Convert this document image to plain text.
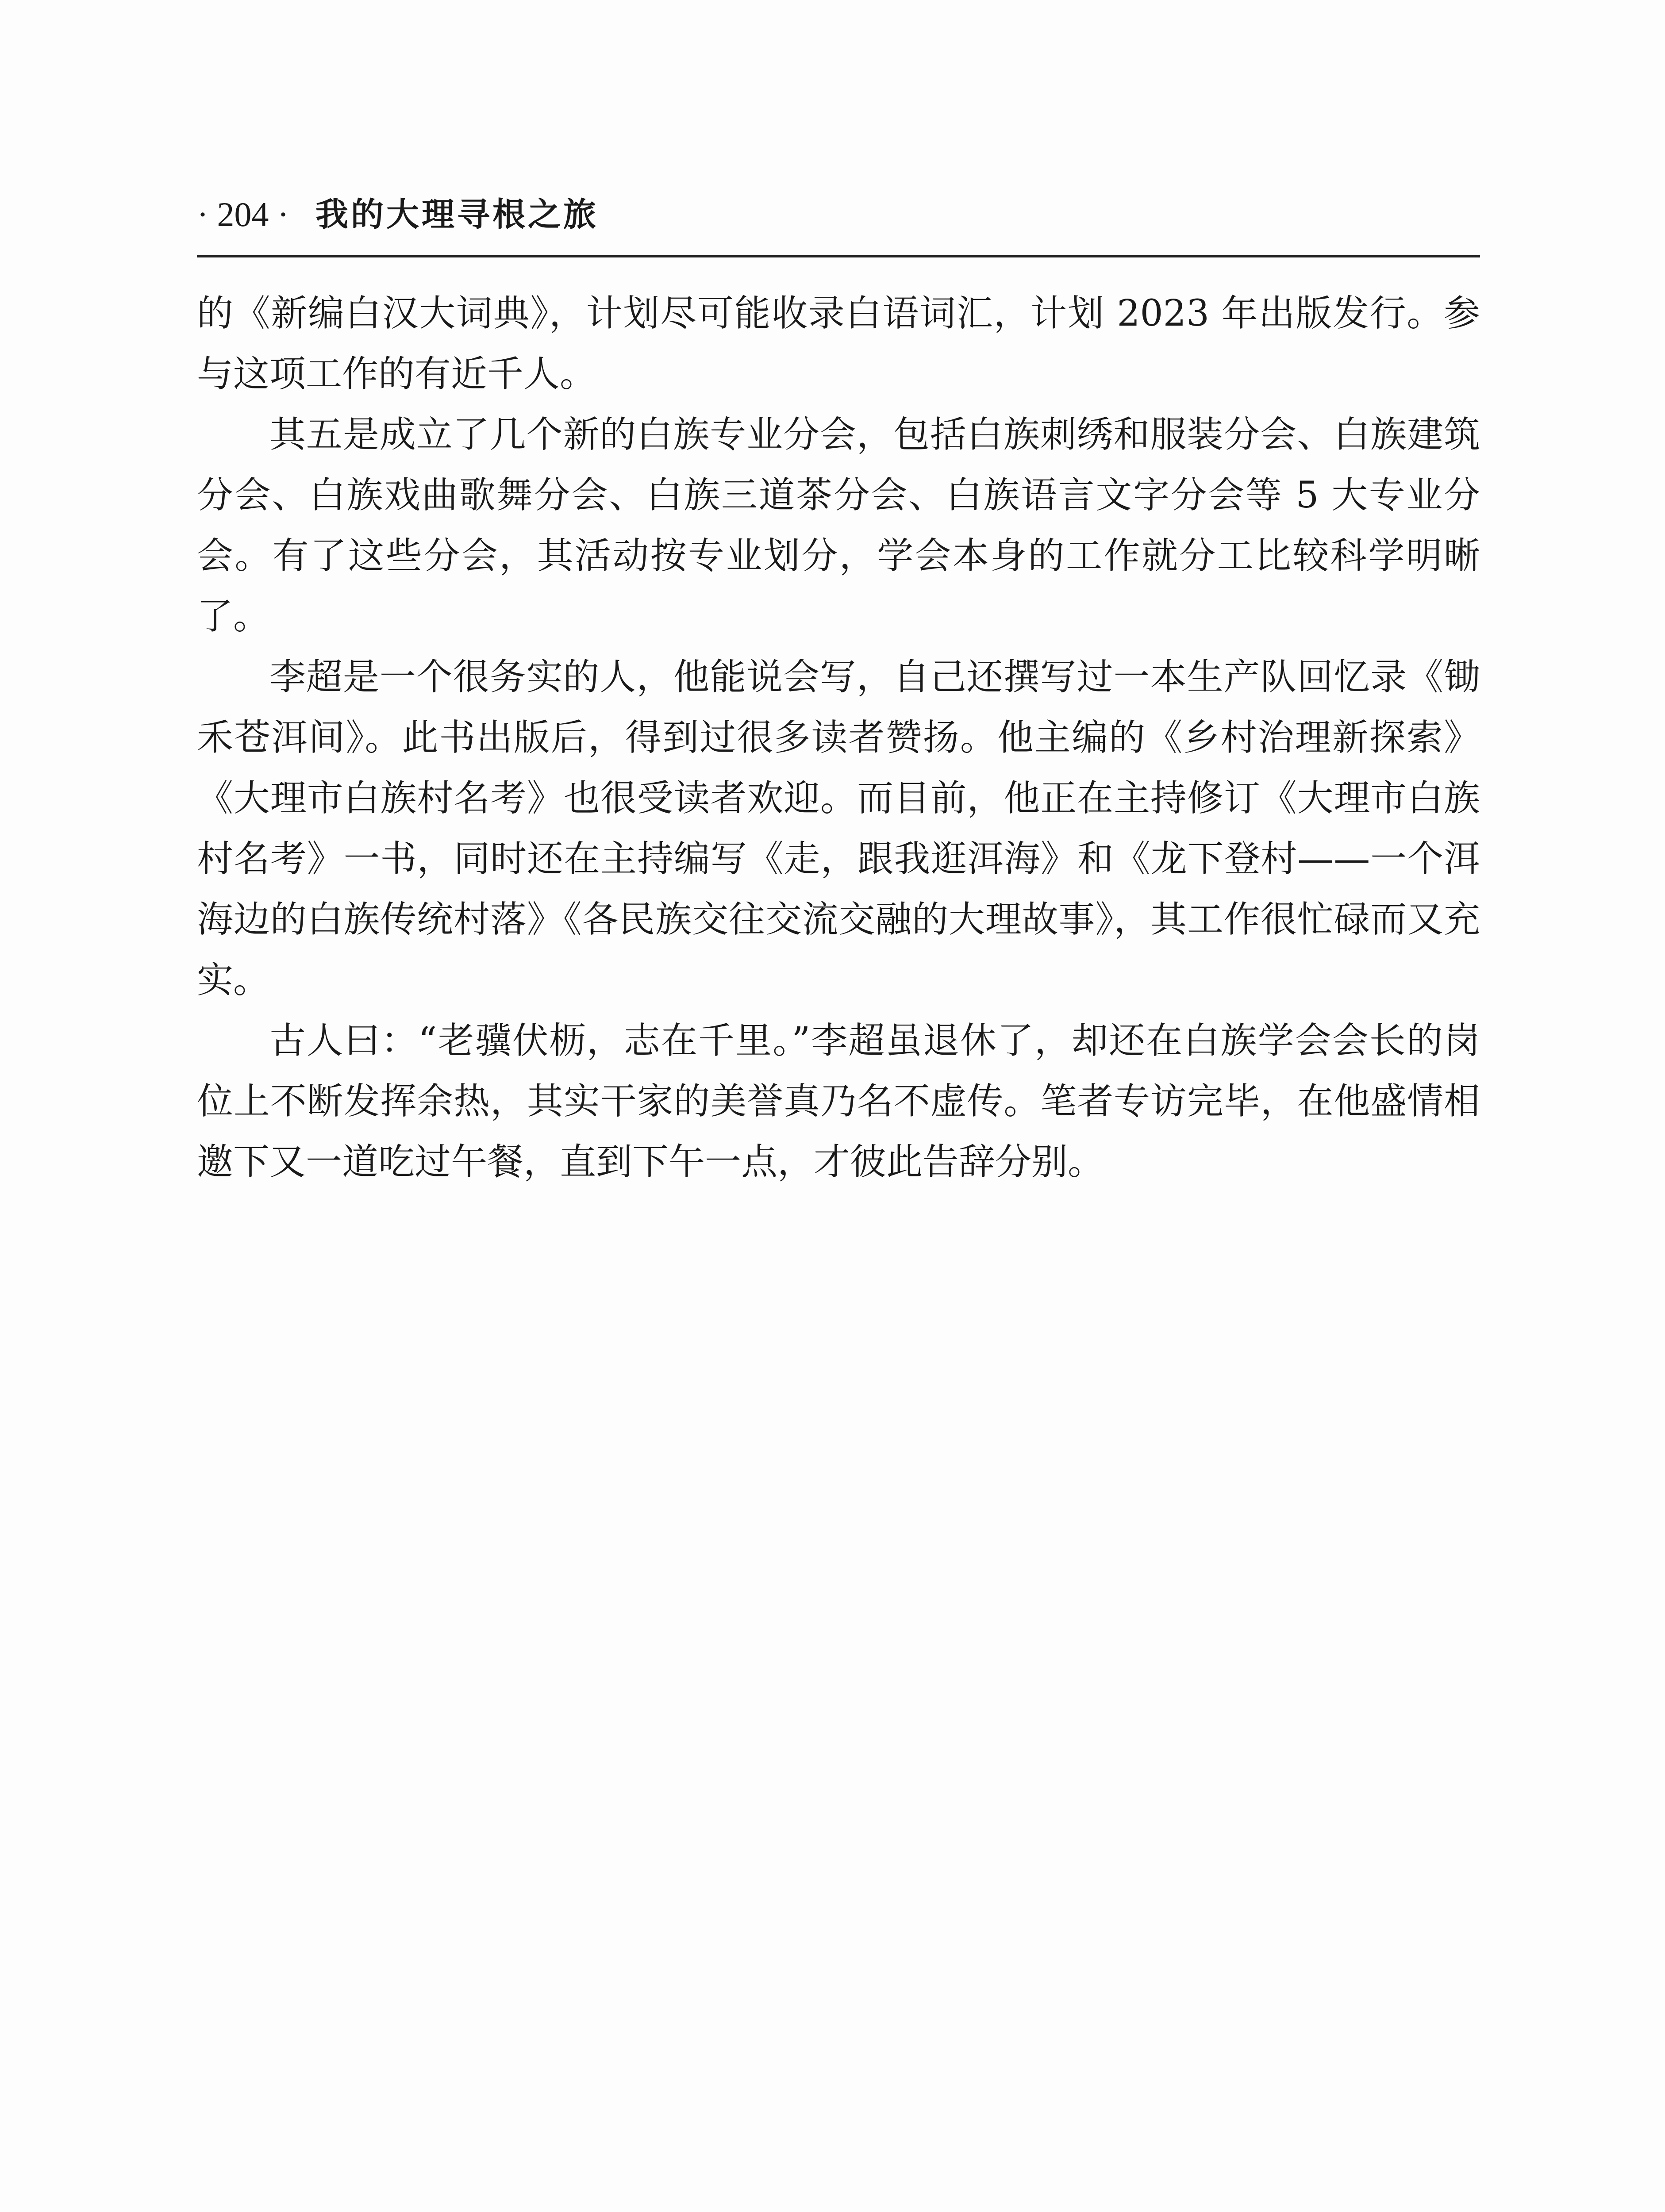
· 204 · 我的大理寻根之旅

的《新编白汉大词典》，计划尽可能收录白语词汇，计划 2023 年出版发行。参与这项工作的有近千人。

其五是成立了几个新的白族专业分会，包括白族刺绣和服装分会、白族建筑分会、白族戏曲歌舞分会、白族三道茶分会、白族语言文字分会等 5 大专业分会。有了这些分会，其活动按专业划分，学会本身的工作就分工比较科学明晰了。

李超是一个很务实的人，他能说会写，自己还撰写过一本生产队回忆录《锄禾苍洱间》。此书出版后，得到过很多读者赞扬。他主编的《乡村治理新探索》《大理市白族村名考》也很受读者欢迎。而目前，他正在主持修订《大理市白族村名考》一书，同时还在主持编写《走，跟我逛洱海》和《龙下登村——一个洱海边的白族传统村落》《各民族交往交流交融的大理故事》，其工作很忙碌而又充实。

古人曰：“老骥伏枥，志在千里。”李超虽退休了，却还在白族学会会长的岗位上不断发挥余热，其实干家的美誉真乃名不虚传。笔者专访完毕，在他盛情相邀下又一道吃过午餐，直到下午一点，才彼此告辞分别。
